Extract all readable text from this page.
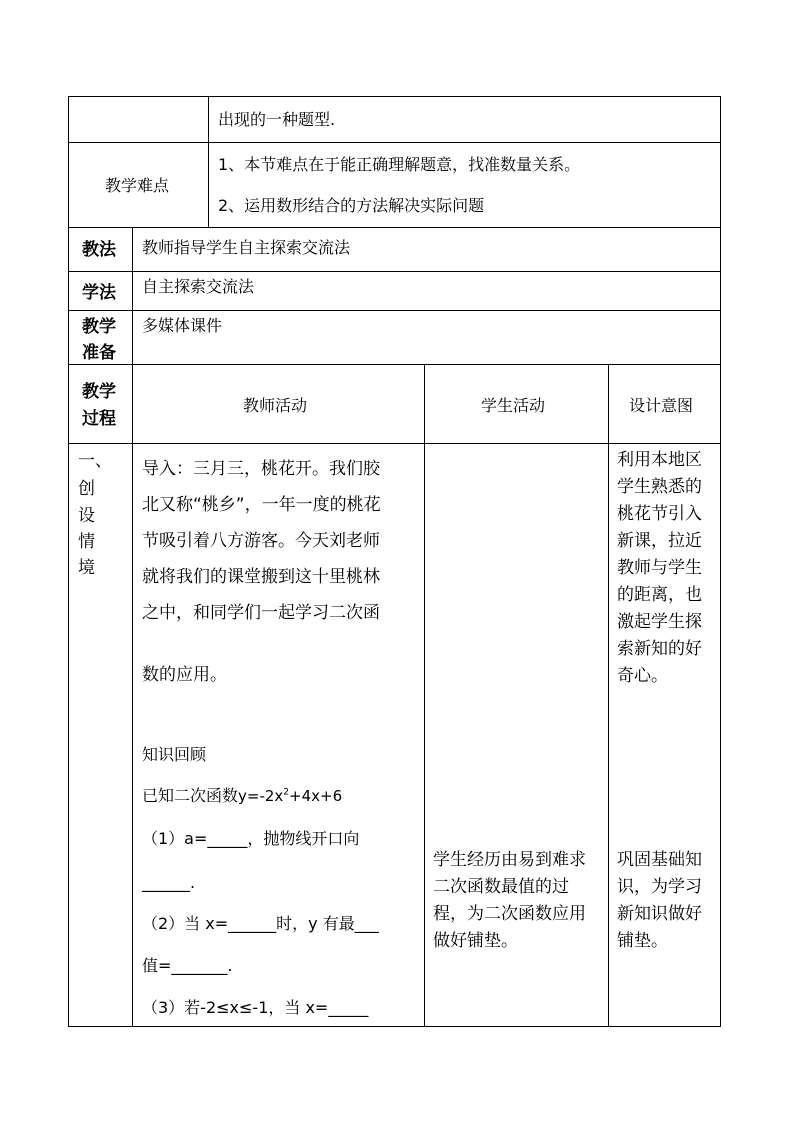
出现的一种题型.
教学难点
1、本节难点在于能正确理解题意，找准数量关系。
2、运用数形结合的方法解决实际问题
教法 教师指导学生自主探索交流法
学法 自主探索交流法
教学
准备
多媒体课件
教学
过程
教师活动	学生活动	设计意图
一、
创
设
情
境
导入：三月三，桃花开。我们胶
北又称“桃乡”，一年一度的桃花
节吸引着八方游客。今天刘老师
就将我们的课堂搬到这十里桃林
之中，和同学们一起学习二次函
数的应用。
知识回顾
已知二次函数$y=-2x^2+4x+6$
（1）a=_____，抛物线开口向
______.
（2）当 x=______时，y 有最___
值=_______.
（3）若-2≤x≤-1，当 x=_____
学生经历由易到难求
二次函数最值的过
程，为二次函数应用
做好铺垫。
利用本地区
学生熟悉的
桃花节引入
新课，拉近
教师与学生
的距离，也
激起学生探
索新知的好
奇心。
巩固基础知
识，为学习
新知识做好
铺垫。
